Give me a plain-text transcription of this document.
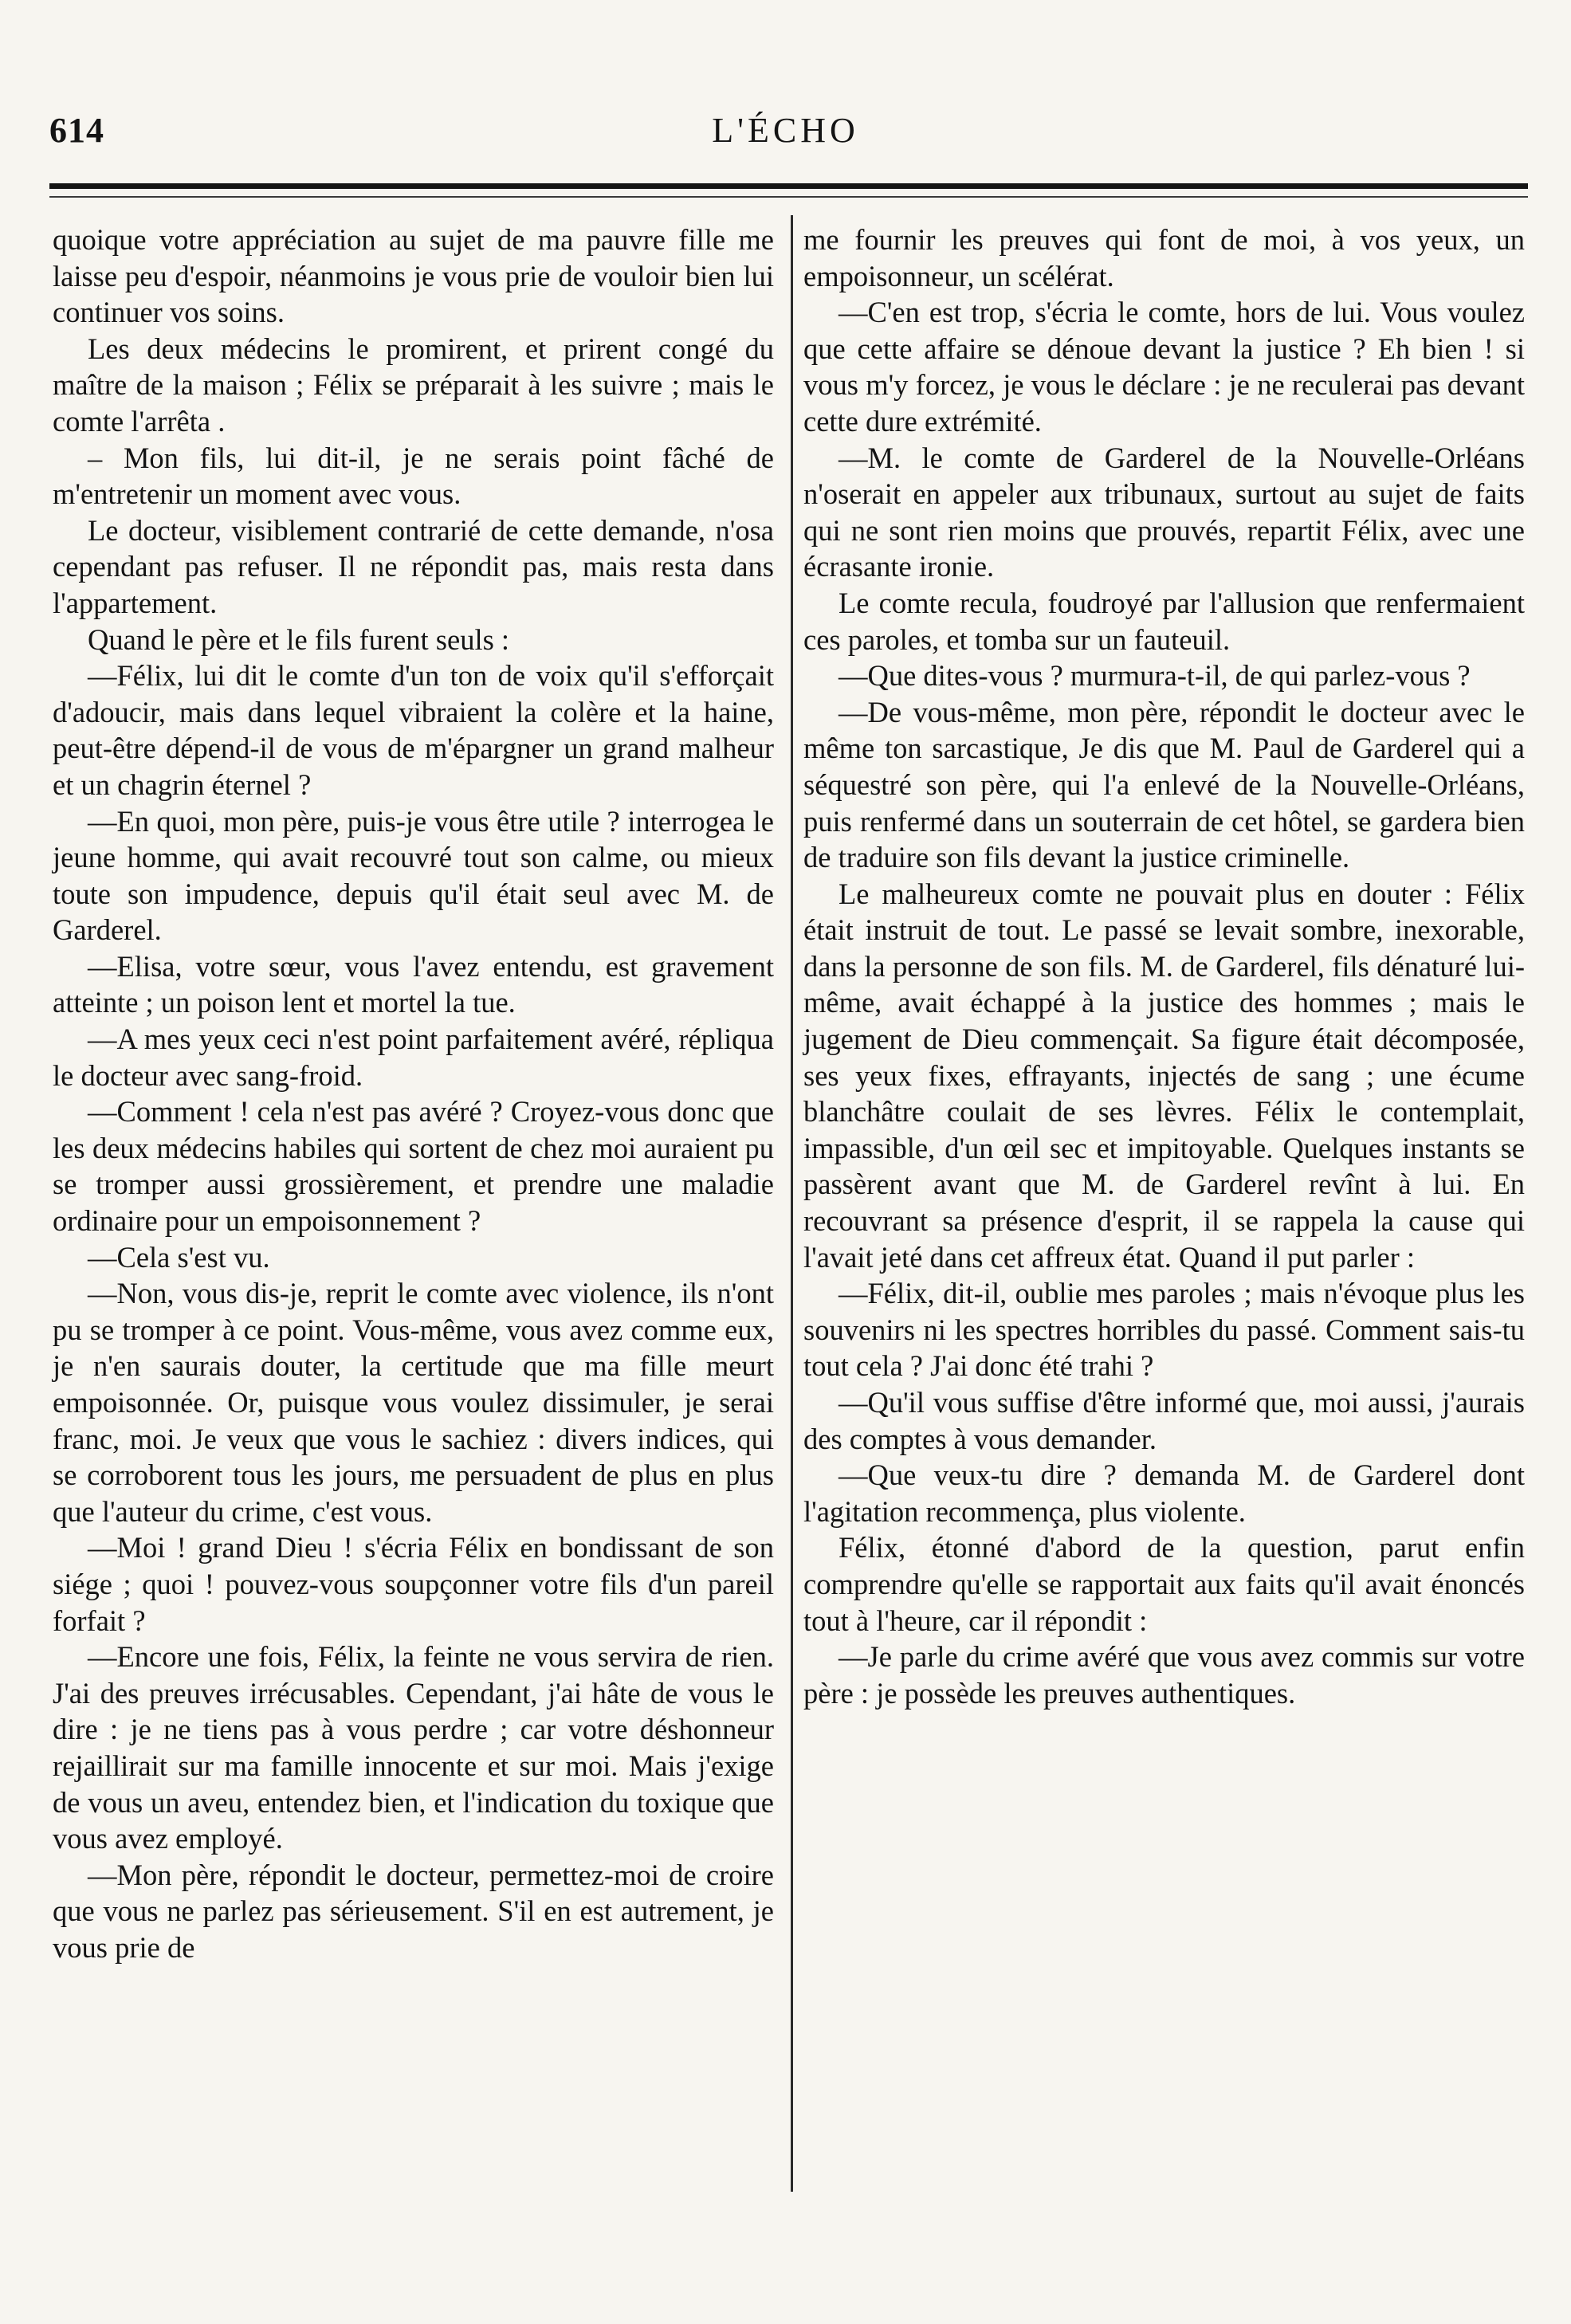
614	L'ÉCHO

quoique votre appréciation au sujet de ma pauvre fille me laisse peu d'espoir, néanmoins je vous prie de vouloir bien lui continuer vos soins.

Les deux médecins le promirent, et prirent congé du maître de la maison ; Félix se préparait à les suivre ; mais le comte l'arrêta .

– Mon fils, lui dit-il, je ne serais point fâché de m'entretenir un moment avec vous.

Le docteur, visiblement contrarié de cette demande, n'osa cependant pas refuser. Il ne répondit pas, mais resta dans l'appartement.

Quand le père et le fils furent seuls :

—Félix, lui dit le comte d'un ton de voix qu'il s'efforçait d'adoucir, mais dans lequel vibraient la colère et la haine, peut-être dépend-il de vous de m'épargner un grand malheur et un chagrin éternel ?

—En quoi, mon père, puis-je vous être utile ? interrogea le jeune homme, qui avait recouvré tout son calme, ou mieux toute son impudence, depuis qu'il était seul avec M. de Garderel.

—Elisa, votre sœur, vous l'avez entendu, est gravement atteinte ; un poison lent et mortel la tue.

—A mes yeux ceci n'est point parfaitement avéré, répliqua le docteur avec sang-froid.

—Comment ! cela n'est pas avéré ? Croyez-vous donc que les deux médecins habiles qui sortent de chez moi auraient pu se tromper aussi grossièrement, et prendre une maladie ordinaire pour un empoisonnement ?

—Cela s'est vu.

—Non, vous dis-je, reprit le comte avec violence, ils n'ont pu se tromper à ce point. Vous-même, vous avez comme eux, je n'en saurais douter, la certitude que ma fille meurt empoisonnée. Or, puisque vous voulez dissimuler, je serai franc, moi. Je veux que vous le sachiez : divers indices, qui se corroborent tous les jours, me persuadent de plus en plus que l'auteur du crime, c'est vous.

—Moi ! grand Dieu ! s'écria Félix en bondissant de son siége ; quoi ! pouvez-vous soupçonner votre fils d'un pareil forfait ?

—Encore une fois, Félix, la feinte ne vous servira de rien. J'ai des preuves irrécusables. Cependant, j'ai hâte de vous le dire : je ne tiens pas à vous perdre ; car votre déshonneur rejaillirait sur ma famille innocente et sur moi. Mais j'exige de vous un aveu, entendez bien, et l'indication du toxique que vous avez employé.

—Mon père, répondit le docteur, permettez-moi de croire que vous ne parlez pas sérieusement. S'il en est autrement, je vous prie de

me fournir les preuves qui font de moi, à vos yeux, un empoisonneur, un scélérat.

—C'en est trop, s'écria le comte, hors de lui. Vous voulez que cette affaire se dénoue devant la justice ? Eh bien ! si vous m'y forcez, je vous le déclare : je ne reculerai pas devant cette dure extrémité.

—M. le comte de Garderel de la Nouvelle-Orléans n'oserait en appeler aux tribunaux, surtout au sujet de faits qui ne sont rien moins que prouvés, repartit Félix, avec une écrasante ironie.

Le comte recula, foudroyé par l'allusion que renfermaient ces paroles, et tomba sur un fauteuil.

—Que dites-vous ? murmura-t-il, de qui parlez-vous ?

—De vous-même, mon père, répondit le docteur avec le même ton sarcastique, Je dis que M. Paul de Garderel qui a séquestré son père, qui l'a enlevé de la Nouvelle-Orléans, puis renfermé dans un souterrain de cet hôtel, se gardera bien de traduire son fils devant la justice criminelle.

Le malheureux comte ne pouvait plus en douter : Félix était instruit de tout. Le passé se levait sombre, inexorable, dans la personne de son fils. M. de Garderel, fils dénaturé lui-même, avait échappé à la justice des hommes ; mais le jugement de Dieu commençait. Sa figure était décomposée, ses yeux fixes, effrayants, injectés de sang ; une écume blanchâtre coulait de ses lèvres. Félix le contemplait, impassible, d'un œil sec et impitoyable. Quelques instants se passèrent avant que M. de Garderel revînt à lui. En recouvrant sa présence d'esprit, il se rappela la cause qui l'avait jeté dans cet affreux état. Quand il put parler :

—Félix, dit-il, oublie mes paroles ; mais n'évoque plus les souvenirs ni les spectres horribles du passé. Comment sais-tu tout cela ? J'ai donc été trahi ?

—Qu'il vous suffise d'être informé que, moi aussi, j'aurais des comptes à vous demander.

—Que veux-tu dire ? demanda M. de Garderel dont l'agitation recommença, plus violente.

Félix, étonné d'abord de la question, parut enfin comprendre qu'elle se rapportait aux faits qu'il avait énoncés tout à l'heure, car il répondit :

—Je parle du crime avéré que vous avez commis sur votre père : je possède les preuves authentiques.
